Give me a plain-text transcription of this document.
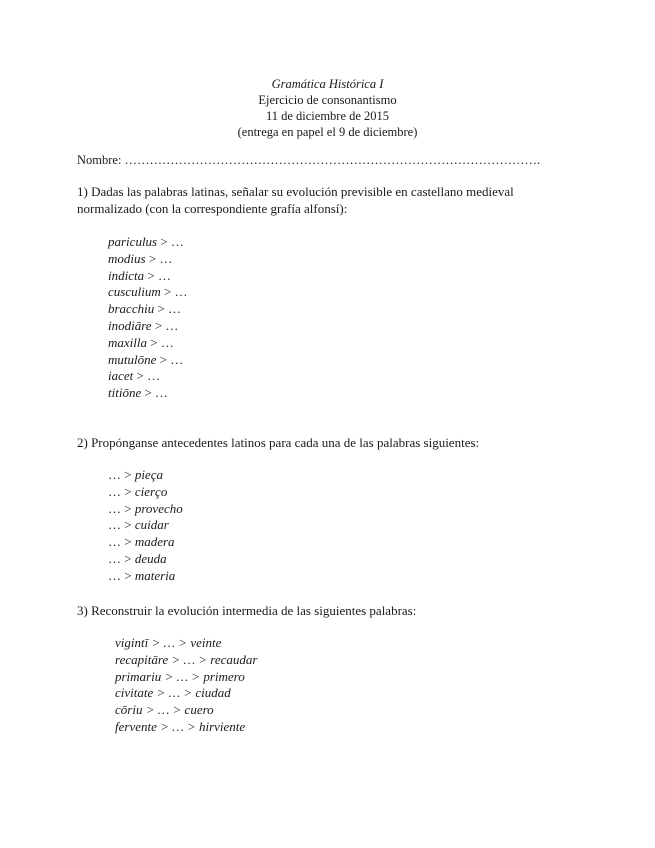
Gramática Histórica I
Ejercicio de consonantismo
11 de diciembre de 2015
(entrega en papel el 9 de diciembre)
Nombre: ……………………………………………………………………………………….
1) Dadas las palabras latinas, señalar su evolución previsible en castellano medieval normalizado (con la correspondiente grafía alfonsí):
pariculus > …
modius > …
indicta > …
cusculium > …
bracchiu > …
inodiāre > …
maxilla > …
mutulōne > …
iacet > …
titiōne > …
2) Propónganse antecedentes latinos para cada una de las palabras siguientes:
… > pieça
… > cierço
… > provecho
… > cuidar
… > madera
… > deuda
… > materia
3) Reconstruir la evolución intermedia de las siguientes palabras:
vigintī > … > veinte
recapitāre > … > recaudar
primariu > … > primero
civitate > … > ciudad
cōriu > … > cuero
fervente > … > hirviente
